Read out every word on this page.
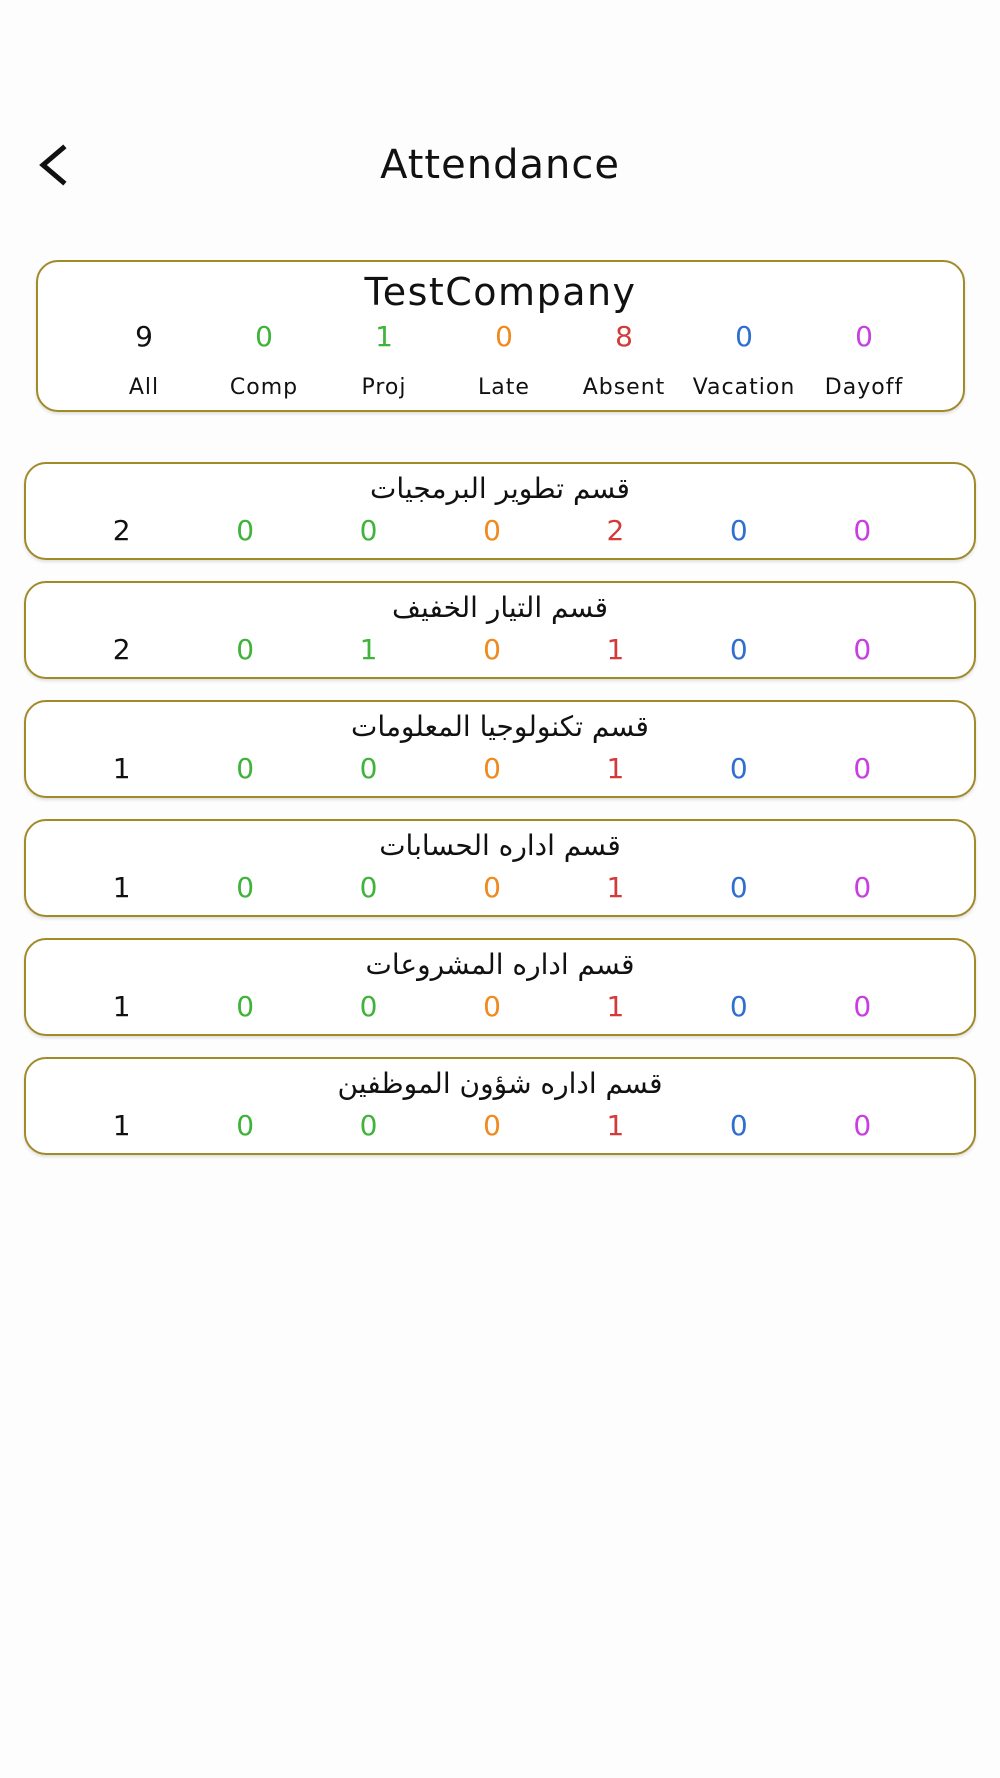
Attendance
TestCompany
9	0	1	0	8	0	0
All	Comp	Proj	Late	Absent	Vacation	Dayoff
قسم تطوير البرمجيات
2	0	0	0	2	0	0
قسم التيار الخفيف
2	0	1	0	1	0	0
قسم تكنولوجيا المعلومات
1	0	0	0	1	0	0
قسم اداره الحسابات
1	0	0	0	1	0	0
قسم اداره المشروعات
1	0	0	0	1	0	0
قسم اداره شؤون الموظفين
1	0	0	0	1	0	0
